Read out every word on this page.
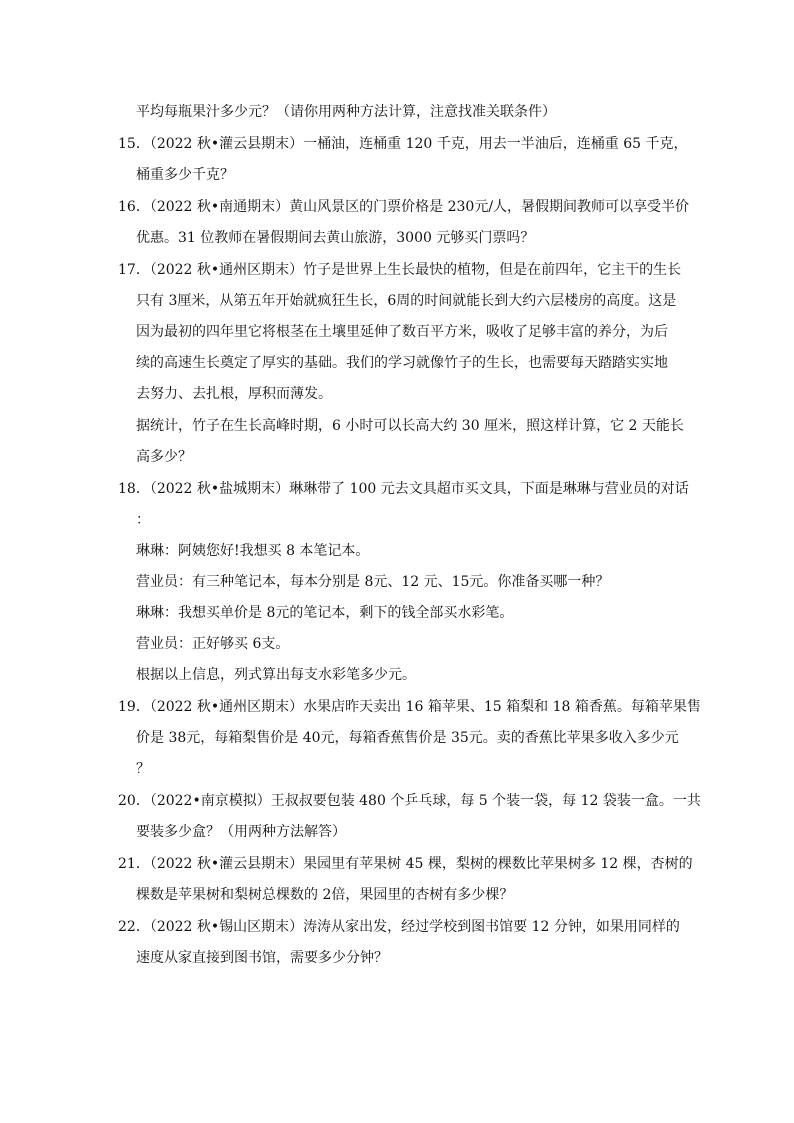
平均每瓶果汁多少元？（请你用两种方法计算，注意找准关联条件）
15．（2022 秋•灌云县期末）一桶油，连桶重 120 千克，用去一半油后，连桶重 65 千克，
桶重多少千克？
16．（2022 秋•南通期末）黄山风景区的门票价格是 230元/人，暑假期间教师可以享受半价
优惠。31 位教师在暑假期间去黄山旅游，3000 元够买门票吗？
17．（2022 秋•通州区期末）竹子是世界上生长最快的植物，但是在前四年，它主干的生长
只有 3厘米，从第五年开始就疯狂生长，6周的时间就能长到大约六层楼房的高度。这是
因为最初的四年里它将根茎在土壤里延伸了数百平方米，吸收了足够丰富的养分，为后
续的高速生长奠定了厚实的基础。我们的学习就像竹子的生长，也需要每天踏踏实实地
去努力、去扎根，厚积而薄发。
据统计，竹子在生长高峰时期，6 小时可以长高大约 30 厘米，照这样计算，它 2 天能长
高多少？
18．（2022 秋•盐城期末）琳琳带了 100 元去文具超市买文具，下面是琳琳与营业员的对话
：
琳琳：阿姨您好!我想买 8 本笔记本。
营业员：有三种笔记本，每本分别是 8元、12 元、15元。你准备买哪一种？
琳琳：我想买单价是 8元的笔记本，剩下的钱全部买水彩笔。
营业员：正好够买 6支。
根据以上信息，列式算出每支水彩笔多少元。
19．（2022 秋•通州区期末）水果店昨天卖出 16 箱苹果、15 箱梨和 18 箱香蕉。每箱苹果售
价是 38元，每箱梨售价是 40元，每箱香蕉售价是 35元。卖的香蕉比苹果多收入多少元
？
20．（2022•南京模拟）王叔叔要包装 480 个乒乓球，每 5 个装一袋，每 12 袋装一盒。一共
要装多少盒？（用两种方法解答）
21．（2022 秋•灌云县期末）果园里有苹果树 45 棵，梨树的棵数比苹果树多 12 棵，杏树的
棵数是苹果树和梨树总棵数的 2倍，果园里的杏树有多少棵？
22．（2022 秋•锡山区期末）涛涛从家出发，经过学校到图书馆要 12 分钟，如果用同样的
速度从家直接到图书馆，需要多少分钟？
